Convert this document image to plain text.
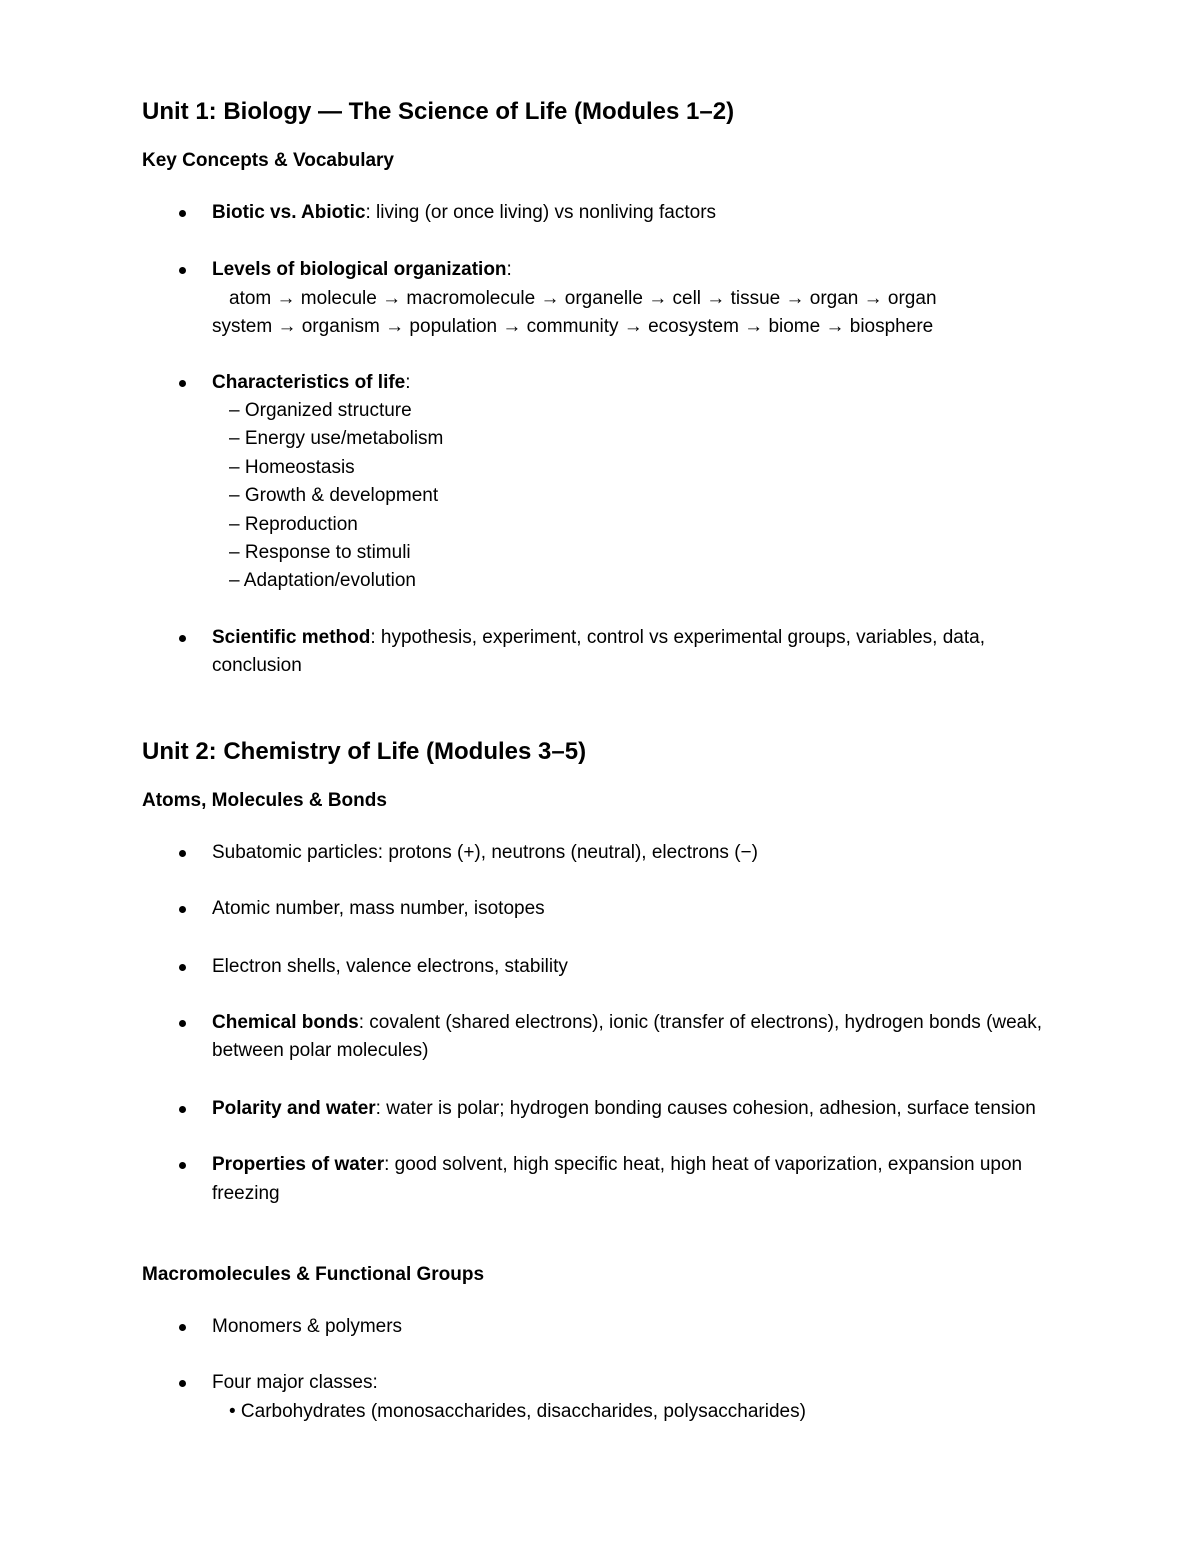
Unit 1: Biology — The Science of Life (Modules 1–2)
Key Concepts & Vocabulary
Biotic vs. Abiotic: living (or once living) vs nonliving factors
Levels of biological organization:
atom → molecule → macromolecule → organelle → cell → tissue → organ → organ
system → organism → population → community → ecosystem → biome → biosphere
Characteristics of life:
– Organized structure
– Energy use/metabolism
– Homeostasis
– Growth & development
– Reproduction
– Response to stimuli
– Adaptation/evolution
Scientific method: hypothesis, experiment, control vs experimental groups, variables, data, conclusion
Unit 2: Chemistry of Life (Modules 3–5)
Atoms, Molecules & Bonds
Subatomic particles: protons (+), neutrons (neutral), electrons (−)
Atomic number, mass number, isotopes
Electron shells, valence electrons, stability
Chemical bonds: covalent (shared electrons), ionic (transfer of electrons), hydrogen bonds (weak, between polar molecules)
Polarity and water: water is polar; hydrogen bonding causes cohesion, adhesion, surface tension
Properties of water: good solvent, high specific heat, high heat of vaporization, expansion upon freezing
Macromolecules & Functional Groups
Monomers & polymers
Four major classes:
• Carbohydrates (monosaccharides, disaccharides, polysaccharides)
